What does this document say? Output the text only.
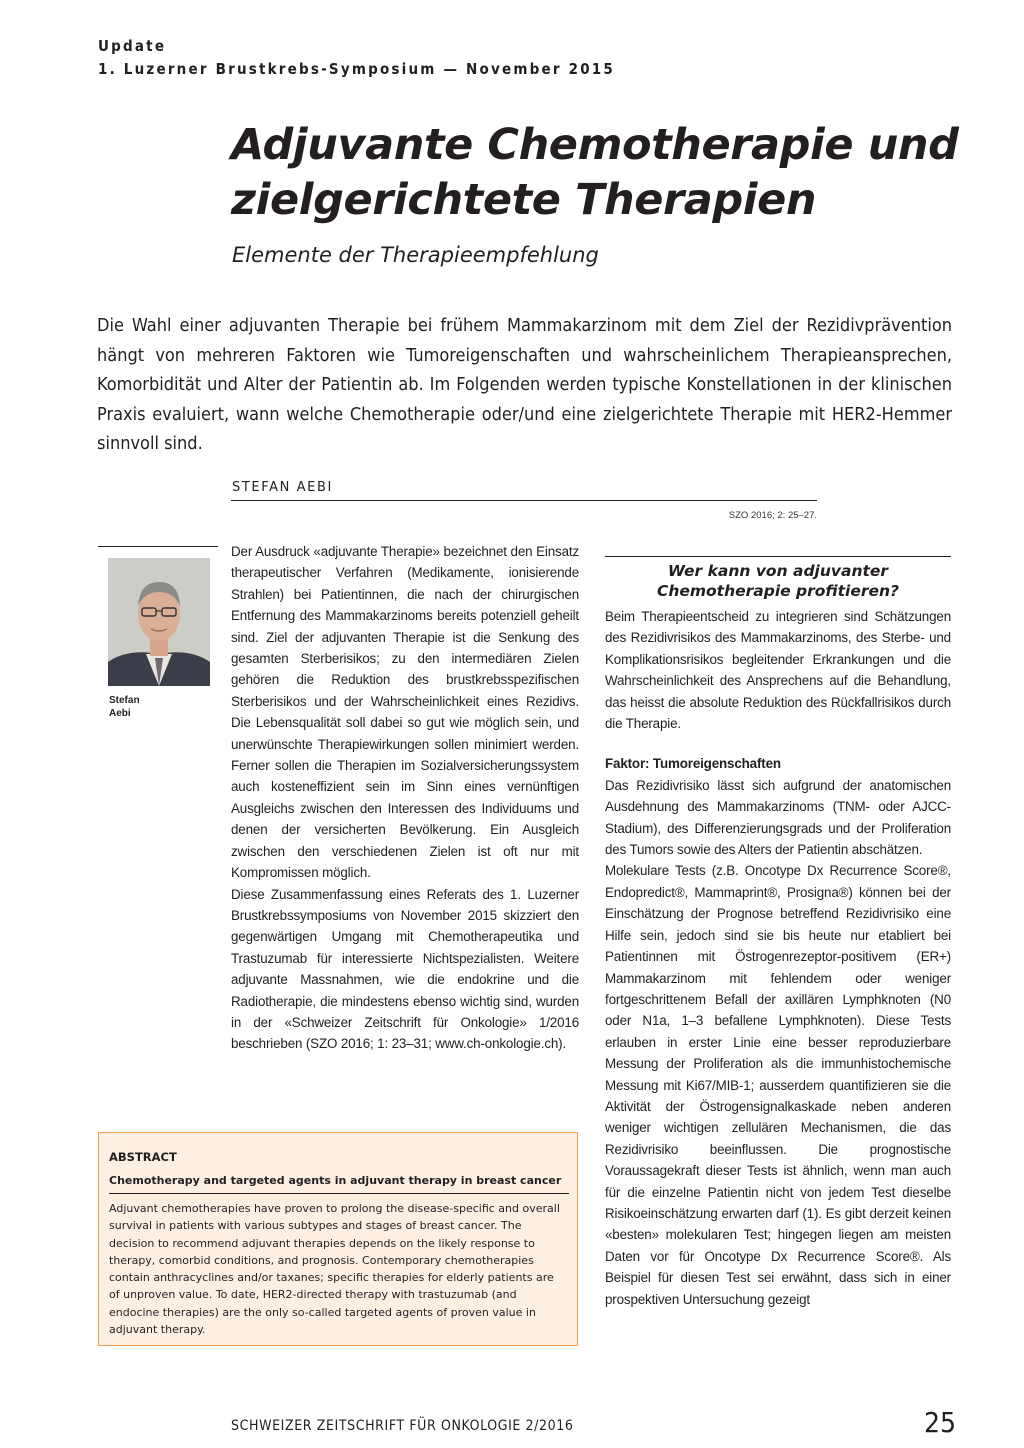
Update
1. Luzerner Brustkrebs-Symposium — November 2015
Adjuvante Chemotherapie und zielgerichtete Therapien
Elemente der Therapieempfehlung
Die Wahl einer adjuvanten Therapie bei frühem Mammakarzinom mit dem Ziel der Rezidivprävention hängt von mehreren Faktoren wie Tumoreigenschaften und wahrscheinlichem Therapieansprechen, Komorbidität und Alter der Patientin ab. Im Folgenden werden typische Konstellationen in der klinischen Praxis evaluiert, wann welche Chemotherapie oder/und eine zielgerichtete Therapie mit HER2-Hemmer sinnvoll sind.
STEFAN AEBI
SZO 2016; 2: 25–27.
Stefan
Aebi

Der Ausdruck «adjuvante Therapie» bezeichnet den Einsatz therapeutischer Verfahren (Medikamente, ionisierende Strahlen) bei Patientinnen, die nach der chirurgischen Entfernung des Mammakarzinoms bereits potenziell geheilt sind. Ziel der adjuvanten Therapie ist die Senkung des gesamten Sterberisikos; zu den intermediären Zielen gehören die Reduktion des brustkrebsspezifischen Sterberisikos und der Wahrscheinlichkeit eines Rezidivs. Die Lebensqualität soll dabei so gut wie möglich sein, und unerwünschte Therapiewirkungen sollen minimiert werden. Ferner sollen die Therapien im Sozialversicherungssystem auch kosteneffizient sein im Sinn eines vernünftigen Ausgleichs zwischen den Interessen des Individuums und denen der versicherten Bevölkerung. Ein Ausgleich zwischen den verschiedenen Zielen ist oft nur mit Kompromissen möglich.

Diese Zusammenfassung eines Referats des 1. Luzerner Brustkrebssymposiums von November 2015 skizziert den gegenwärtigen Umgang mit Chemotherapeutika und Trastuzumab für interessierte Nichtspezialisten. Weitere adjuvante Massnahmen, wie die endokrine und die Radiotherapie, die mindestens ebenso wichtig sind, wurden in der «Schweizer Zeitschrift für Onkologie» 1/2016 beschrieben (SZO 2016; 1: 23–31; www.ch-onkologie.ch).

Wer kann von adjuvanter Chemotherapie profitieren?

Beim Therapieentscheid zu integrieren sind Schätzungen des Rezidivrisikos des Mammakarzinoms, des Sterbe- und Komplikationsrisikos begleitender Erkrankungen und die Wahrscheinlichkeit des Ansprechens auf die Behandlung, das heisst die absolute Reduktion des Rückfallrisikos durch die Therapie.

Faktor: Tumoreigenschaften

Das Rezidivrisiko lässt sich aufgrund der anatomischen Ausdehnung des Mammakarzinoms (TNM- oder AJCC-Stadium), des Differenzierungsgrads und der Proliferation des Tumors sowie des Alters der Patientin abschätzen.

Molekulare Tests (z.B. Oncotype Dx Recurrence Score®, Endopredict®, Mammaprint®, Prosigna®) können bei der Einschätzung der Prognose betreffend Rezidivrisiko eine Hilfe sein, jedoch sind sie bis heute nur etabliert bei Patientinnen mit Östrogenrezeptor-positivem (ER+) Mammakarzinom mit fehlendem oder weniger fortgeschrittenem Befall der axillären Lymphknoten (N0 oder N1a, 1–3 befallene Lymphknoten). Diese Tests erlauben in erster Linie eine besser reproduzierbare Messung der Proliferation als die immunhistochemische Messung mit Ki67/MIB-1; ausserdem quantifizieren sie die Aktivität der Östrogensignalkaskade neben anderen weniger wichtigen zellulären Mechanismen, die das Rezidivrisiko beeinflussen. Die prognostische Voraussagekraft dieser Tests ist ähnlich, wenn man auch für die einzelne Patientin nicht von jedem Test dieselbe Risikoeinschätzung erwarten darf (1). Es gibt derzeit keinen «besten» molekularen Test; hingegen liegen am meisten Daten vor für Oncotype Dx Recurrence Score®. Als Beispiel für diesen Test sei erwähnt, dass sich in einer prospektiven Untersuchung gezeigt

ABSTRACT
Chemotherapy and targeted agents in adjuvant therapy in breast cancer
Adjuvant chemotherapies have proven to prolong the disease-specific and overall survival in patients with various subtypes and stages of breast cancer. The decision to recommend adjuvant therapies depends on the likely response to therapy, comorbid conditions, and prognosis. Contemporary chemotherapies contain anthracyclines and/or taxanes; specific therapies for elderly patients are of unproven value. To date, HER2-directed therapy with trastuzumab (and endocine therapies) are the only so-called targeted agents of proven value in adjuvant therapy.
SCHWEIZER ZEITSCHRIFT FÜR ONKOLOGIE 2/2016	25
